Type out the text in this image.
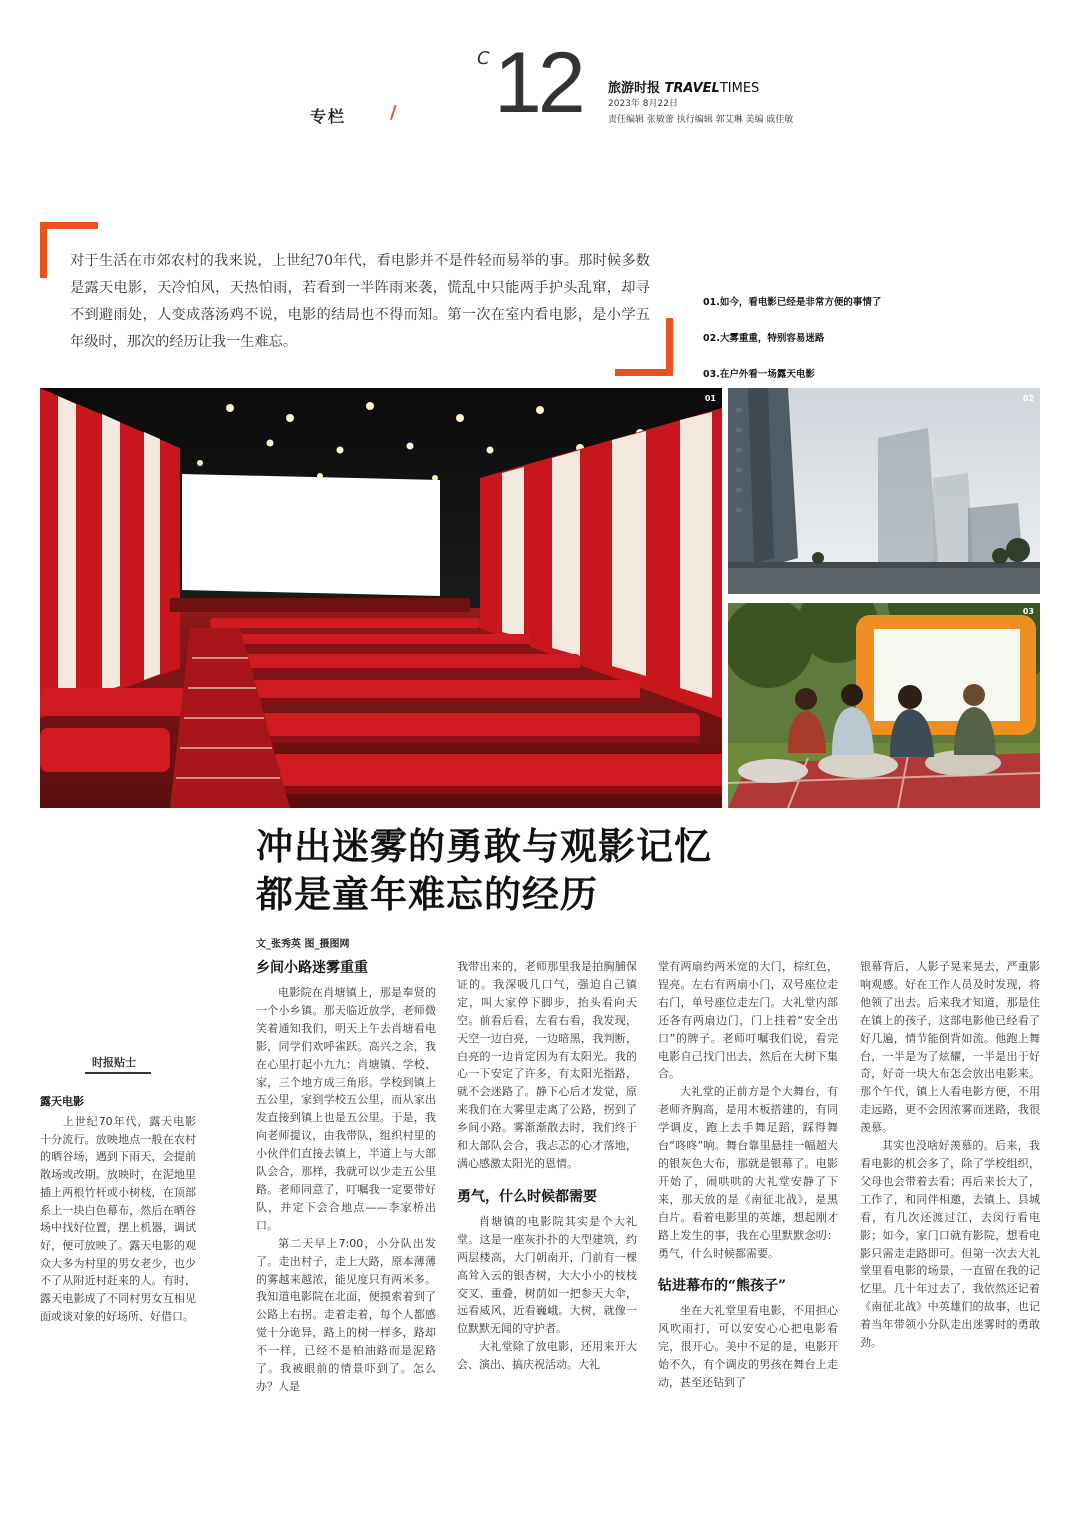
专栏 /
C 12 旅游时报 TRAVELTIMES
2023年 8月22日
责任编辑 张敏蕾 执行编辑 郭艾琳 美编 戚佳敏
对于生活在市郊农村的我来说，上世纪70年代，看电影并不是件轻而易举的事。那时候多数是露天电影，天冷怕风，天热怕雨，若看到一半阵雨来袭，慌乱中只能两手护头乱窜，却寻不到避雨处，人变成落汤鸡不说，电影的结局也不得而知。第一次在室内看电影，是小学五年级时，那次的经历让我一生难忘。
01.如今，看电影已经是非常方便的事情了
02.大雾重重，特别容易迷路
03.在户外看一场露天电影
01	02
03
冲出迷雾的勇敢与观影记忆
都是童年难忘的经历
文_张秀英 图_摄图网
时报贴士
露天电影
上世纪70年代，露天电影十分流行。放映地点一般在农村的晒谷场，遇到下雨天，会提前散场或改期。放映时，在泥地里插上两根竹杆或小树枝，在顶部系上一块白色幕布，然后在晒谷场中找好位置，摆上机器，调试好，便可放映了。露天电影的观众大多为村里的男女老少，也少不了从附近村赶来的人。有时，露天电影成了不同村男女互相见面或谈对象的好场所、好借口。
乡间小路迷雾重重

电影院在肖塘镇上，那是奉贤的一个小乡镇。那天临近放学，老师微笑着通知我们，明天上午去肖塘看电影，同学们欢呼雀跃。高兴之余，我在心里打起小九九：肖塘镇、学校、家，三个地方成三角形。学校到镇上五公里，家到学校五公里，而从家出发直接到镇上也是五公里。于是，我向老师提议，由我带队，组织村里的小伙伴们直接去镇上，半道上与大部队会合，那样，我就可以少走五公里路。老师同意了，叮嘱我一定要带好队，并定下会合地点——李家桥出口。

第二天早上7:00，小分队出发了。走出村子，走上大路，原本薄薄的雾越来越浓，能见度只有两米多。我知道电影院在北面，便摸索着到了公路上右拐。走着走着，每个人都感觉十分诡异，路上的树一样多，路却不一样，已经不是柏油路而是泥路了。我被眼前的情景吓到了。怎么办？人是

我带出来的，老师那里我是拍胸脯保证的。我深吸几口气，强迫自己镇定，叫大家停下脚步，抬头看向天空。前看后看，左看右看，我发现，天空一边白亮，一边暗黑，我判断，白亮的一边肯定因为有太阳光。我的心一下安定了许多，有太阳光指路，就不会迷路了。静下心后才发觉，原来我们在大雾里走离了公路，拐到了乡间小路。雾渐渐散去时，我们终于和大部队会合，我忐忑的心才落地，满心感激太阳光的恩情。

勇气，什么时候都需要

肖塘镇的电影院其实是个大礼堂。这是一座灰扑扑的大型建筑，约两层楼高，大门朝南开，门前有一棵高耸入云的银杏树，大大小小的枝枝交叉、重叠，树荫如一把参天大伞，远看威风，近看巍峨。大树，就像一位默默无闻的守护者。

大礼堂除了放电影，还用来开大会、演出、搞庆祝活动。大礼

堂有两扇约两米宽的大门，棕红色，锃亮。左右有两扇小门，双号座位走右门，单号座位走左门。大礼堂内部还各有两扇边门，门上挂着“安全出口”的牌子。老师叮嘱我们说，看完电影自己找门出去，然后在大树下集合。

大礼堂的正前方是个大舞台，有老师齐胸高，是用木板搭建的，有同学调皮，跑上去手舞足蹈，踩得舞台“咚咚”响。舞台靠里悬挂一幅超大的银灰色大布，那就是银幕了。电影开始了，闹哄哄的大礼堂安静了下来，那天放的是《南征北战》，是黑白片。看着电影里的英雄，想起刚才路上发生的事，我在心里默默念叨：勇气，什么时候都需要。

钻进幕布的“熊孩子”

坐在大礼堂里看电影，不用担心风吹雨打，可以安安心心把电影看完，很开心。美中不足的是，电影开始不久，有个调皮的男孩在舞台上走动，甚至还钻到了

银幕背后，人影子晃来晃去，严重影响观感。好在工作人员及时发现，将他领了出去。后来我才知道，那是住在镇上的孩子，这部电影他已经看了好几遍，情节能倒背如流。他跑上舞台，一半是为了炫耀，一半是出于好奇，好奇一块大布怎会放出电影来。那个午代，镇上人看电影方便，不用走远路，更不会因浓雾而迷路，我很羡慕。

其实也没啥好羡慕的。后来，我看电影的机会多了，除了学校组织，父母也会带着去看；再后来长大了，工作了，和同伴相邀，去镇上、县城看，有几次还渡过江，去闵行看电影；如今，家门口就有影院，想看电影只需走走路即可。但第一次去大礼堂里看电影的场景，一直留在我的记忆里。几十年过去了，我依然还记着《南征北战》中英雄们的故事，也记着当年带领小分队走出迷雾时的勇敢劲。
